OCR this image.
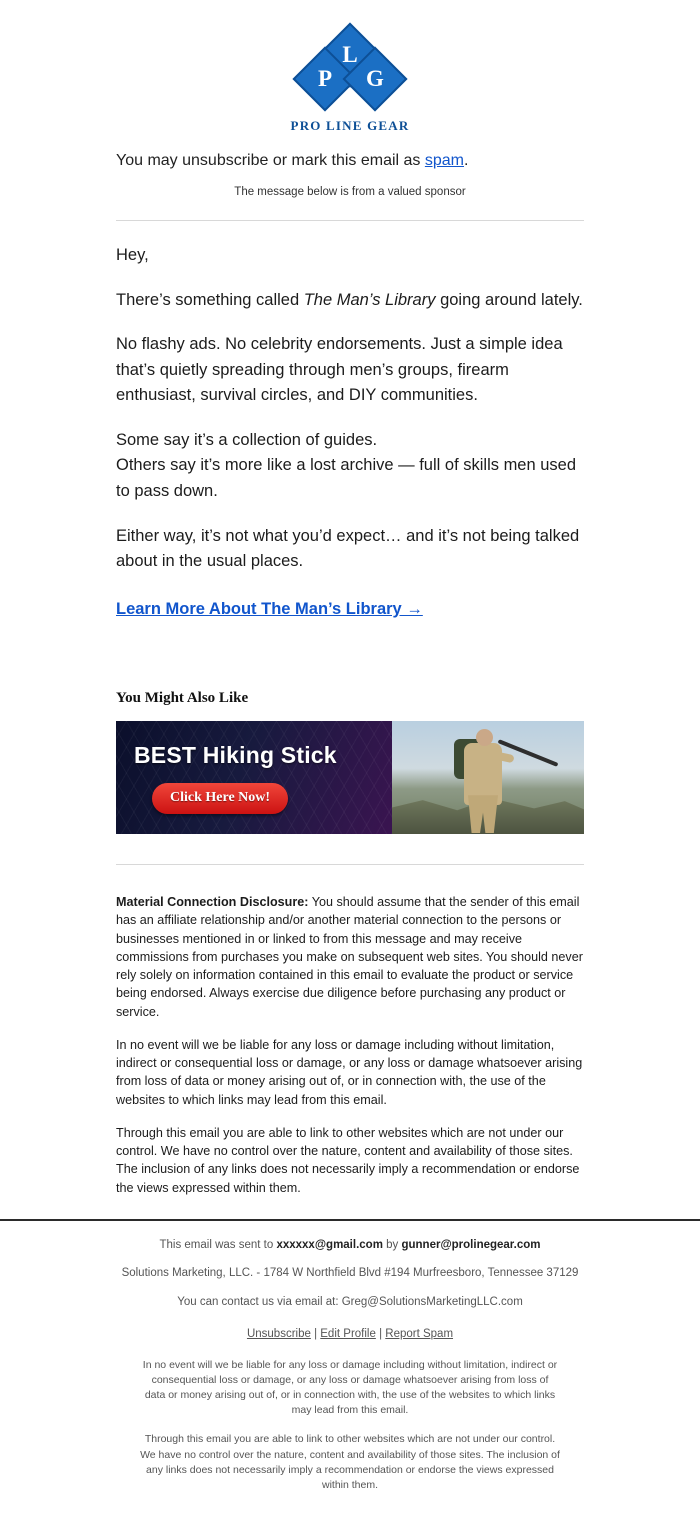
L
P	G
PRO LINE GEAR
You may unsubscribe or mark this email as spam.
The message below is from a valued sponsor

Hey,

There’s something called The Man’s Library going around lately.

No flashy ads. No celebrity endorsements. Just a simple idea that’s quietly spreading through men’s groups, firearm enthusiast, survival circles, and DIY communities.

Some say it’s a collection of guides.
Others say it’s more like a lost archive — full of skills men used to pass down.

Either way, it’s not what you’d expect… and it’s not being talked about in the usual places.

Learn More About The Man’s Library →
You Might Also Like
BEST Hiking Stick
Click Here Now!

Material Connection Disclosure: You should assume that the sender of this email has an affiliate relationship and/or another material connection to the persons or businesses mentioned in or linked to from this message and may receive commissions from purchases you make on subsequent web sites. You should never rely solely on information contained in this email to evaluate the product or service being endorsed. Always exercise due diligence before purchasing any product or service.

In no event will we be liable for any loss or damage including without limitation, indirect or consequential loss or damage, or any loss or damage whatsoever arising from loss of data or money arising out of, or in connection with, the use of the websites to which links may lead from this email.

Through this email you are able to link to other websites which are not under our control. We have no control over the nature, content and availability of those sites. The inclusion of any links does not necessarily imply a recommendation or endorse the views expressed within them.

This email was sent to xxxxxx@gmail.com by gunner@prolinegear.com

Solutions Marketing, LLC. - 1784 W Northfield Blvd #194 Murfreesboro, Tennessee 37129

You can contact us via email at: Greg@SolutionsMarketingLLC.com

Unsubscribe | Edit Profile | Report Spam

In no event will we be liable for any loss or damage including without limitation, indirect or consequential loss or damage, or any loss or damage whatsoever arising from loss of data or money arising out of, or in connection with, the use of the websites to which links may lead from this email.

Through this email you are able to link to other websites which are not under our control. We have no control over the nature, content and availability of those sites. The inclusion of any links does not necessarily imply a recommendation or endorse the views expressed within them.
